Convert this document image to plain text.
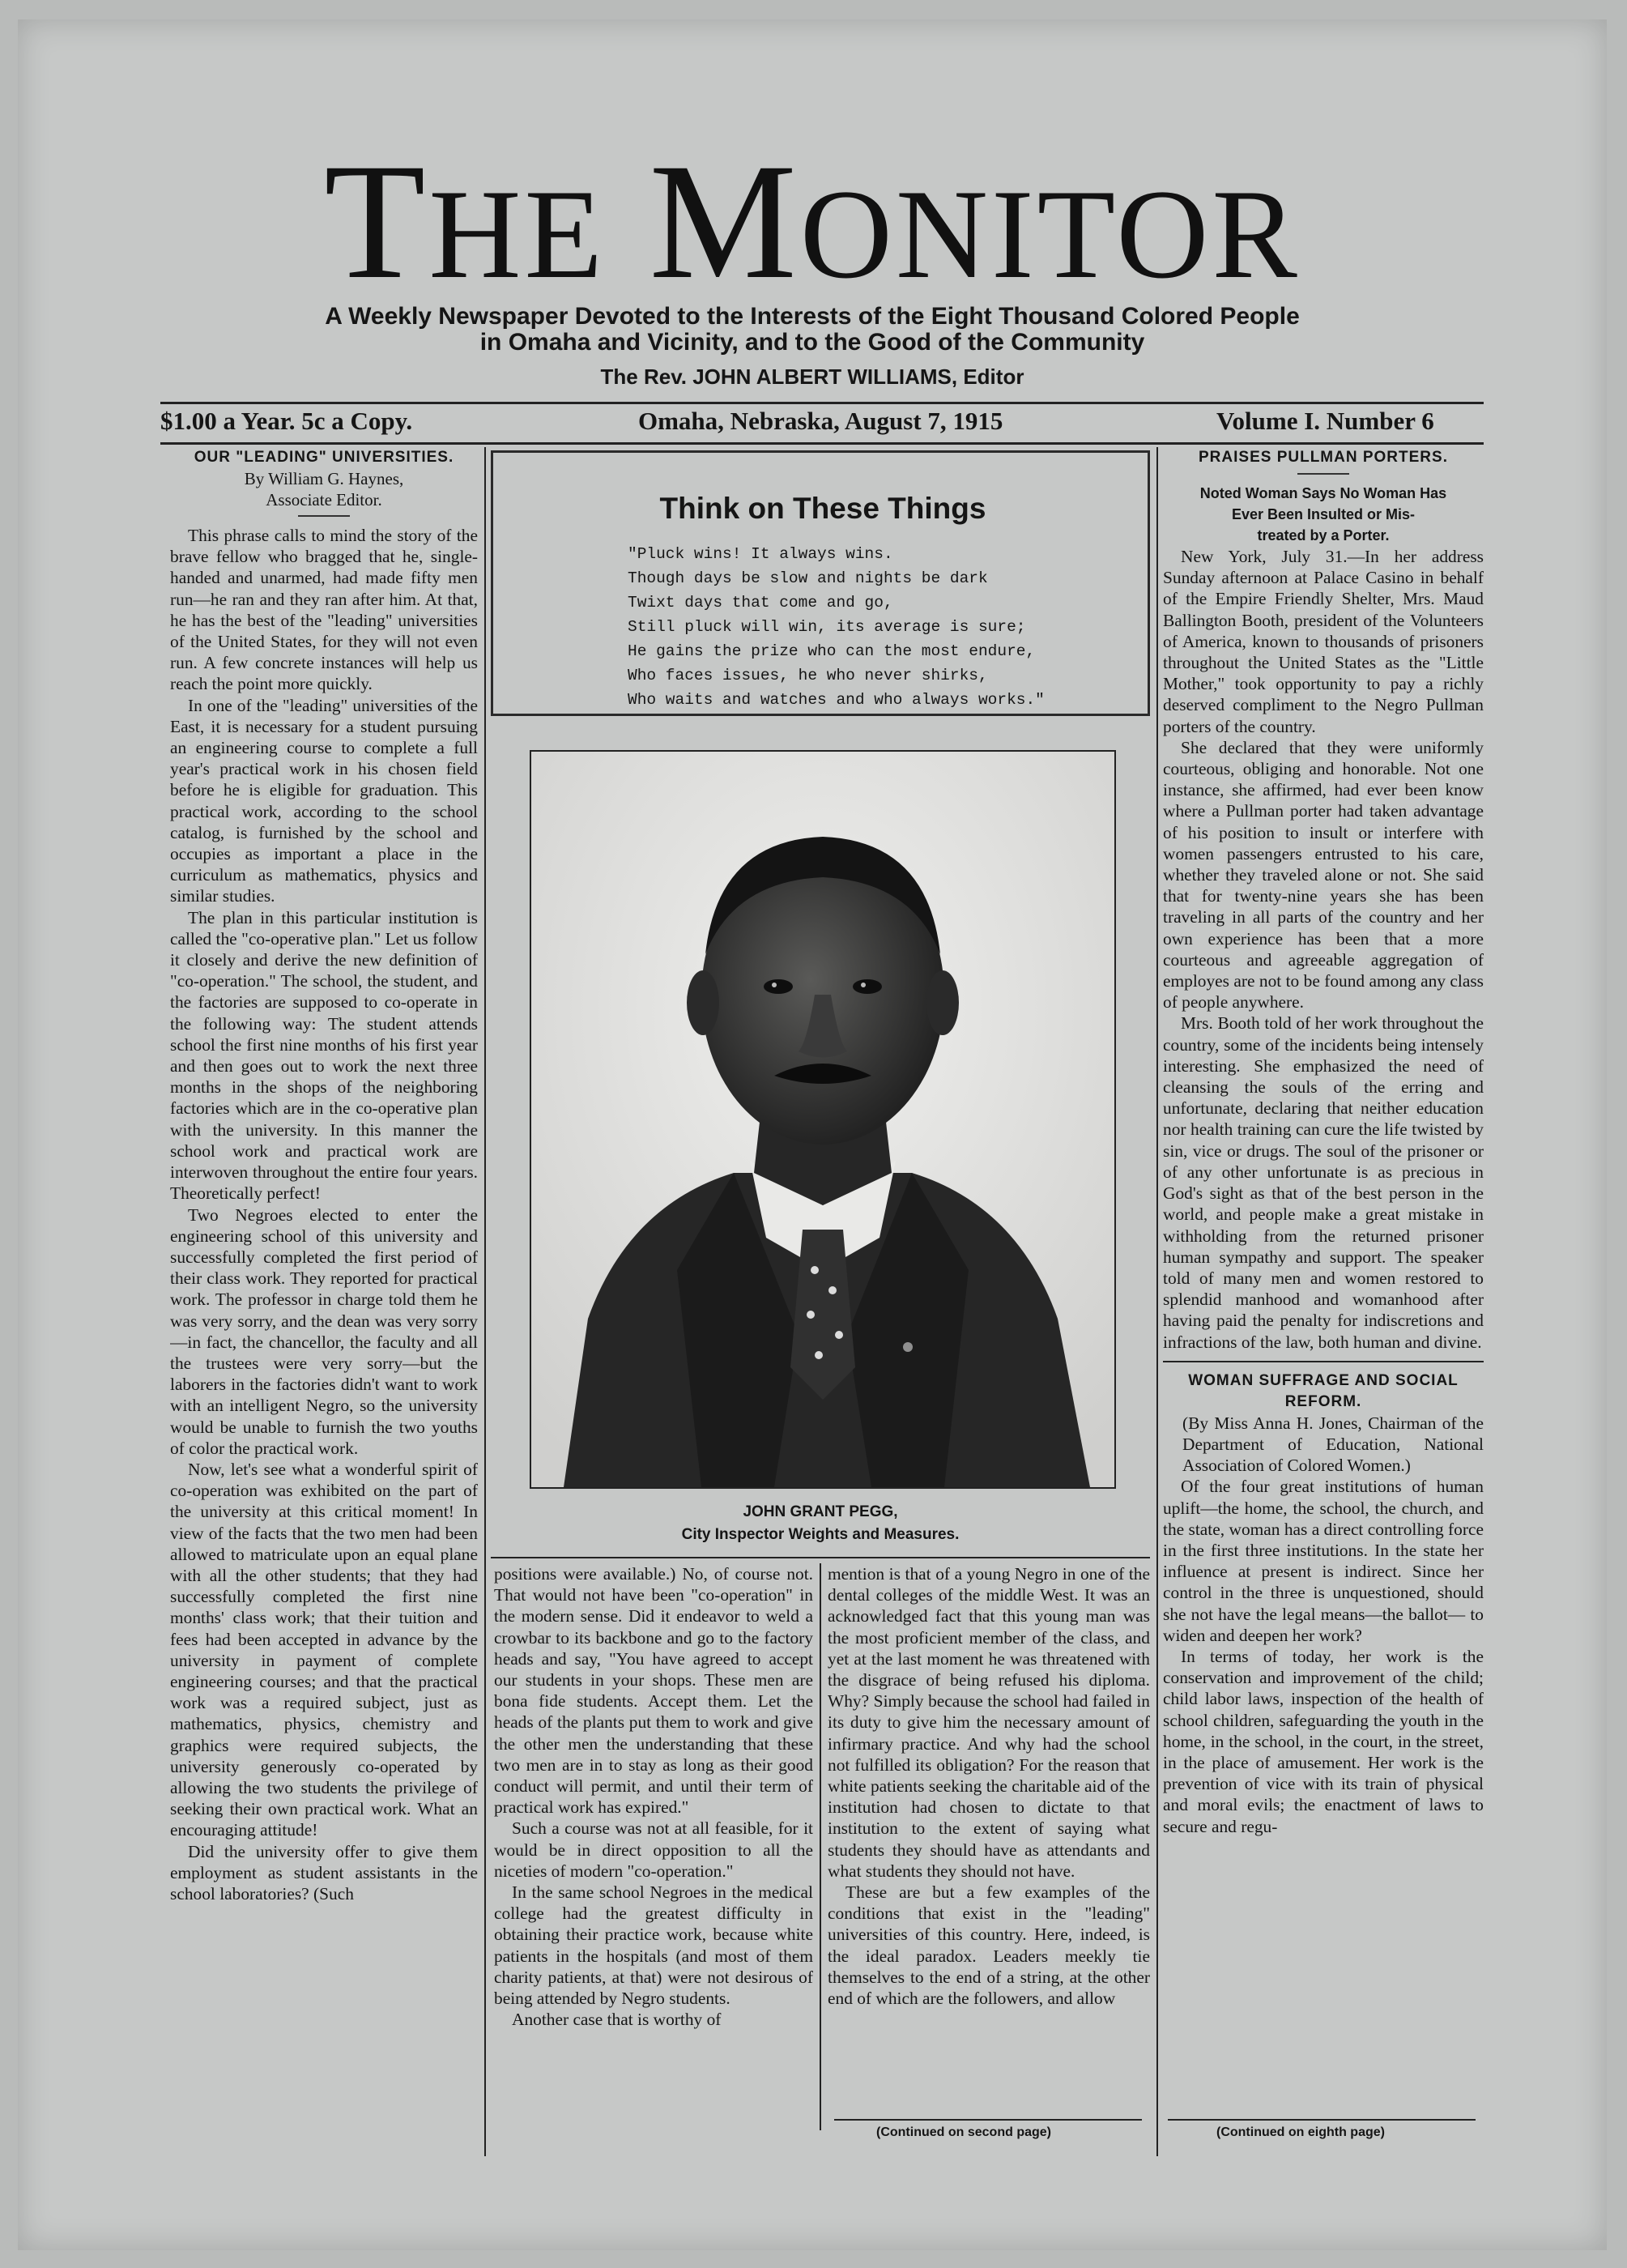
THE MONITOR
A Weekly Newspaper Devoted to the Interests of the Eight Thousand Colored People
in Omaha and Vicinity, and to the Good of the Community
The Rev. JOHN ALBERT WILLIAMS, Editor
$1.00 a Year. 5c a Copy.	Omaha, Nebraska, August 7, 1915	Volume I. Number 6
OUR "LEADING" UNIVERSITIES.
By William G. Haynes,
Associate Editor.

This phrase calls to mind the story of the brave fellow who bragged that he, single-handed and unarmed, had made fifty men run—he ran and they ran after him. At that, he has the best of the "leading" universities of the United States, for they will not even run. A few concrete instances will help us reach the point more quickly.

In one of the "leading" universities of the East, it is necessary for a student pursuing an engineering course to complete a full year's practical work in his chosen field before he is eligible for graduation. This practical work, according to the school catalog, is furnished by the school and occupies as important a place in the curriculum as mathematics, physics and similar studies.

The plan in this particular institution is called the "co-operative plan." Let us follow it closely and derive the new definition of "co-operation." The school, the student, and the factories are supposed to co-operate in the following way: The student attends school the first nine months of his first year and then goes out to work the next three months in the shops of the neighboring factories which are in the co-operative plan with the university. In this manner the school work and practical work are interwoven throughout the entire four years. Theoretically perfect!

Two Negroes elected to enter the engineering school of this university and successfully completed the first period of their class work. They reported for practical work. The professor in charge told them he was very sorry, and the dean was very sorry—in fact, the chancellor, the faculty and all the trustees were very sorry—but the laborers in the factories didn't want to work with an intelligent Negro, so the university would be unable to furnish the two youths of color the practical work.

Now, let's see what a wonderful spirit of co-operation was exhibited on the part of the university at this critical moment! In view of the facts that the two men had been allowed to matriculate upon an equal plane with all the other students; that they had successfully completed the first nine months' class work; that their tuition and fees had been accepted in advance by the university in payment of complete engineering courses; and that the practical work was a required subject, just as mathematics, physics, chemistry and graphics were required subjects, the university generously co-operated by allowing the two students the privilege of seeking their own practical work. What an encouraging attitude!

Did the university offer to give them employment as student assistants in the school laboratories? (Such

Think on These Things
"Pluck wins! It always wins.
Though days be slow and nights be dark
Twixt days that come and go,
Still pluck will win, its average is sure;
He gains the prize who can the most endure,
Who faces issues, he who never shirks,
Who waits and watches and who always works."
JOHN GRANT PEGG,
City Inspector Weights and Measures.

positions were available.) No, of course not. That would not have been "co-operation" in the modern sense. Did it endeavor to weld a crowbar to its backbone and go to the factory heads and say, "You have agreed to accept our students in your shops. These men are bona fide students. Accept them. Let the heads of the plants put them to work and give the other men the understanding that these two men are in to stay as long as their good conduct will permit, and until their term of practical work has expired."

Such a course was not at all feasible, for it would be in direct opposition to all the niceties of modern "co-operation."

In the same school Negroes in the medical college had the greatest difficulty in obtaining their practice work, because white patients in the hospitals (and most of them charity patients, at that) were not desirous of being attended by Negro students.

Another case that is worthy of

mention is that of a young Negro in one of the dental colleges of the middle West. It was an acknowledged fact that this young man was the most proficient member of the class, and yet at the last moment he was threatened with the disgrace of being refused his diploma. Why? Simply because the school had failed in its duty to give him the necessary amount of infirmary practice. And why had the school not fulfilled its obligation? For the reason that white patients seeking the charitable aid of the institution had chosen to dictate to that institution to the extent of saying what students they should have as attendants and what students they should not have.

These are but a few examples of the conditions that exist in the "leading" universities of this country. Here, indeed, is the ideal paradox. Leaders meekly tie themselves to the end of a string, at the other end of which are the followers, and allow

(Continued on second page)
PRAISES PULLMAN PORTERS.
Noted Woman Says No Woman Has
Ever Been Insulted or Mis-
treated by a Porter.

New York, July 31.—In her address Sunday afternoon at Palace Casino in behalf of the Empire Friendly Shelter, Mrs. Maud Ballington Booth, president of the Volunteers of America, known to thousands of prisoners throughout the United States as the "Little Mother," took opportunity to pay a richly deserved compliment to the Negro Pullman porters of the country.

She declared that they were uniformly courteous, obliging and honorable. Not one instance, she affirmed, had ever been know where a Pullman porter had taken advantage of his position to insult or interfere with women passengers entrusted to his care, whether they traveled alone or not. She said that for twenty-nine years she has been traveling in all parts of the country and her own experience has been that a more courteous and agreeable aggregation of employes are not to be found among any class of people anywhere.

Mrs. Booth told of her work throughout the country, some of the incidents being intensely interesting. She emphasized the need of cleansing the souls of the erring and unfortunate, declaring that neither education nor health training can cure the life twisted by sin, vice or drugs. The soul of the prisoner or of any other unfortunate is as precious in God's sight as that of the best person in the world, and people make a great mistake in withholding from the returned prisoner human sympathy and support. The speaker told of many men and women restored to splendid manhood and womanhood after having paid the penalty for indiscretions and infractions of the law, both human and divine.

WOMAN SUFFRAGE AND SOCIAL
REFORM.

(By Miss Anna H. Jones, Chairman of the Department of Education, National Association of Colored Women.)

Of the four great institutions of human uplift—the home, the school, the church, and the state, woman has a direct controlling force in the first three institutions. In the state her influence at present is indirect. Since her control in the three is unquestioned, should she not have the legal means—the ballot— to widen and deepen her work?

In terms of today, her work is the conservation and improvement of the child; child labor laws, inspection of the health of school children, safeguarding the youth in the home, in the school, in the court, in the street, in the place of amusement. Her work is the prevention of vice with its train of physical and moral evils; the enactment of laws to secure and regu-

(Continued on eighth page)
